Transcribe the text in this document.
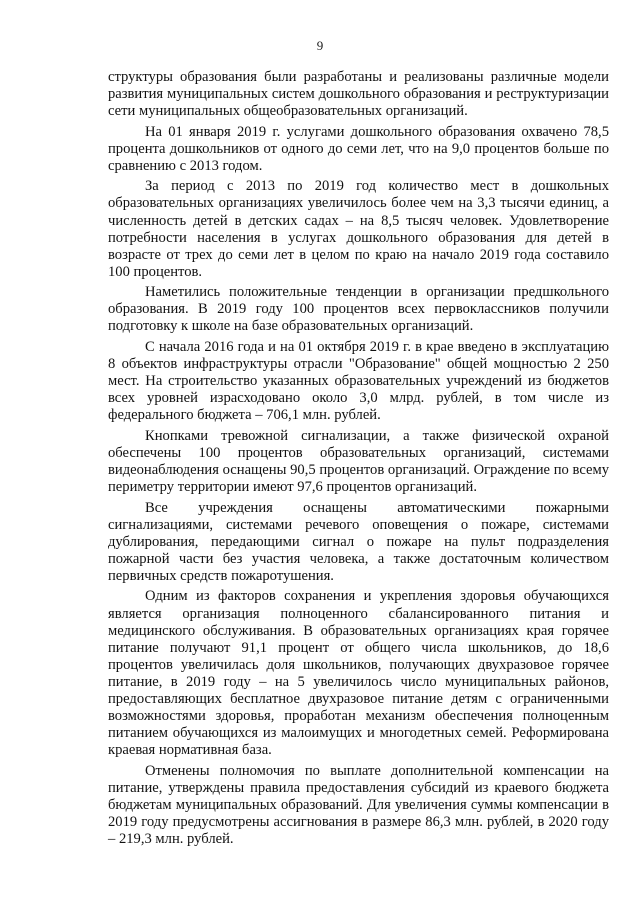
9

структуры образования были разработаны и реализованы различные модели развития муниципальных систем дошкольного образования и реструктуризации сети муниципальных общеобразовательных организаций.

На 01 января 2019 г. услугами дошкольного образования охвачено 78,5 процента дошкольников от одного до семи лет, что на 9,0 процентов больше по сравнению с 2013 годом.

За период с 2013 по 2019 год количество мест в дошкольных образовательных организациях увеличилось более чем на 3,3 тысячи единиц, а численность детей в детских садах – на 8,5 тысяч человек. Удовлетворение потребности населения в услугах дошкольного образования для детей в возрасте от трех до семи лет в целом по краю на начало 2019 года составило 100 процентов.

Наметились положительные тенденции в организации предшкольного образования. В 2019 году 100 процентов всех первоклассников получили подготовку к школе на базе образовательных организаций.

С начала 2016 года и на 01 октября 2019 г. в крае введено в эксплуатацию 8 объектов инфраструктуры отрасли "Образование" общей мощностью 2 250 мест. На строительство указанных образовательных учреждений из бюджетов всех уровней израсходовано около 3,0 млрд. рублей, в том числе из федерального бюджета – 706,1 млн. рублей.

Кнопками тревожной сигнализации, а также физической охраной обеспечены 100 процентов образовательных организаций, системами видеонаблюдения оснащены 90,5 процентов организаций. Ограждение по всему периметру территории имеют 97,6 процентов организаций.

Все учреждения оснащены автоматическими пожарными сигнализациями, системами речевого оповещения о пожаре, системами дублирования, передающими сигнал о пожаре на пульт подразделения пожарной части без участия человека, а также достаточным количеством первичных средств пожаротушения.

Одним из факторов сохранения и укрепления здоровья обучающихся является организация полноценного сбалансированного питания и медицинского обслуживания. В образовательных организациях края горячее питание получают 91,1 процент от общего числа школьников, до 18,6 процентов увеличилась доля школьников, получающих двухразовое горячее питание, в 2019 году – на 5 увеличилось число муниципальных районов, предоставляющих бесплатное двухразовое питание детям с ограниченными возможностями здоровья, проработан механизм обеспечения полноценным питанием обучающихся из малоимущих и многодетных семей. Реформирована краевая нормативная база.

Отменены полномочия по выплате дополнительной компенсации на питание, утверждены правила предоставления субсидий из краевого бюджета бюджетам муниципальных образований. Для увеличения суммы компенсации в 2019 году предусмотрены ассигнования в размере 86,3 млн. рублей, в 2020 году – 219,3 млн. рублей.
